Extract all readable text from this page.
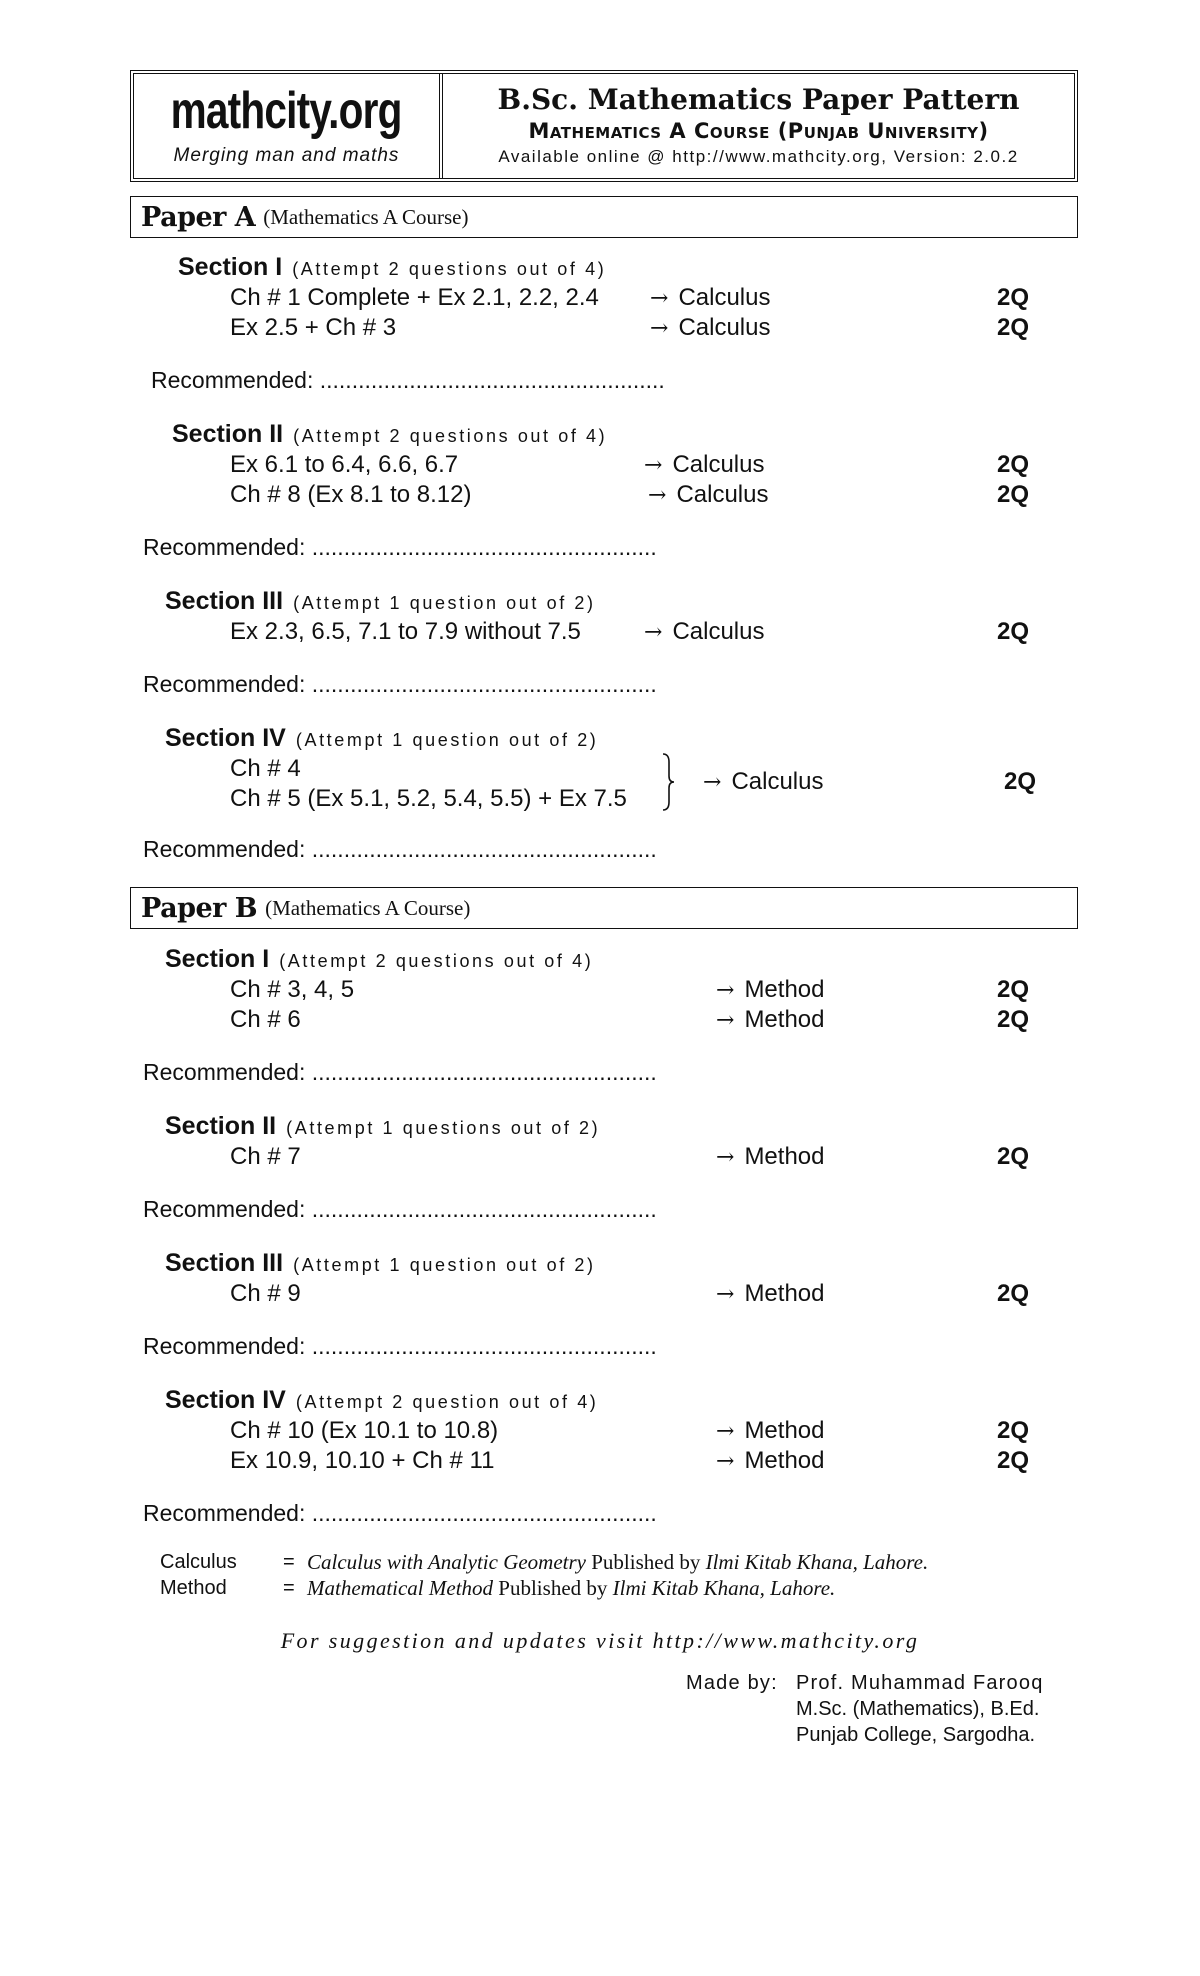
mathcity.org
Merging man and maths
B.Sc. Mathematics Paper Pattern
Mathematics A Course (Punjab University)
Available online @ http://www.mathcity.org, Version: 2.0.2
Paper A (Mathematics A Course)
Section I (Attempt 2 questions out of 4)
Ch # 1 Complete + Ex 2.1, 2.2, 2.4 → Calculus	2Q
Ex 2.5 + Ch # 3	→ Calculus	2Q
Recommended: ......................................................
Section II (Attempt 2 questions out of 4)
Ex 6.1 to 6.4, 6.6, 6.7	→ Calculus	2Q
Ch # 8 (Ex 8.1 to 8.12)	→ Calculus	2Q
Recommended: ......................................................
Section III (Attempt 1 question out of 2)
Ex 2.3, 6.5, 7.1 to 7.9 without 7.5	→ Calculus	2Q
Recommended: ......................................................
Section IV (Attempt 1 question out of 2)
Ch # 4
Ch # 5 (Ex 5.1, 5.2, 5.4, 5.5) + Ex 7.5
→ Calculus	2Q
Recommended: ......................................................
Paper B (Mathematics A Course)
Section I (Attempt 2 questions out of 4)
Ch # 3, 4, 5	→ Method	2Q
Ch # 6	→ Method	2Q
Recommended: ......................................................
Section II (Attempt 1 questions out of 2)
Ch # 7	→ Method	2Q
Recommended: ......................................................
Section III (Attempt 1 question out of 2)
Ch # 9	→ Method	2Q
Recommended: ......................................................
Section IV (Attempt 2 question out of 4)
Ch # 10 (Ex 10.1 to 10.8)	→ Method	2Q
Ex 10.9, 10.10 + Ch # 11	→ Method	2Q
Recommended: ......................................................
Calculus = Calculus with Analytic Geometry Published by Ilmi Kitab Khana, Lahore.
Method	= Mathematical Method Published by Ilmi Kitab Khana, Lahore.
For suggestion and updates visit http://www.mathcity.org
Made by: Prof. Muhammad Farooq
M.Sc. (Mathematics), B.Ed.
Punjab College, Sargodha.
